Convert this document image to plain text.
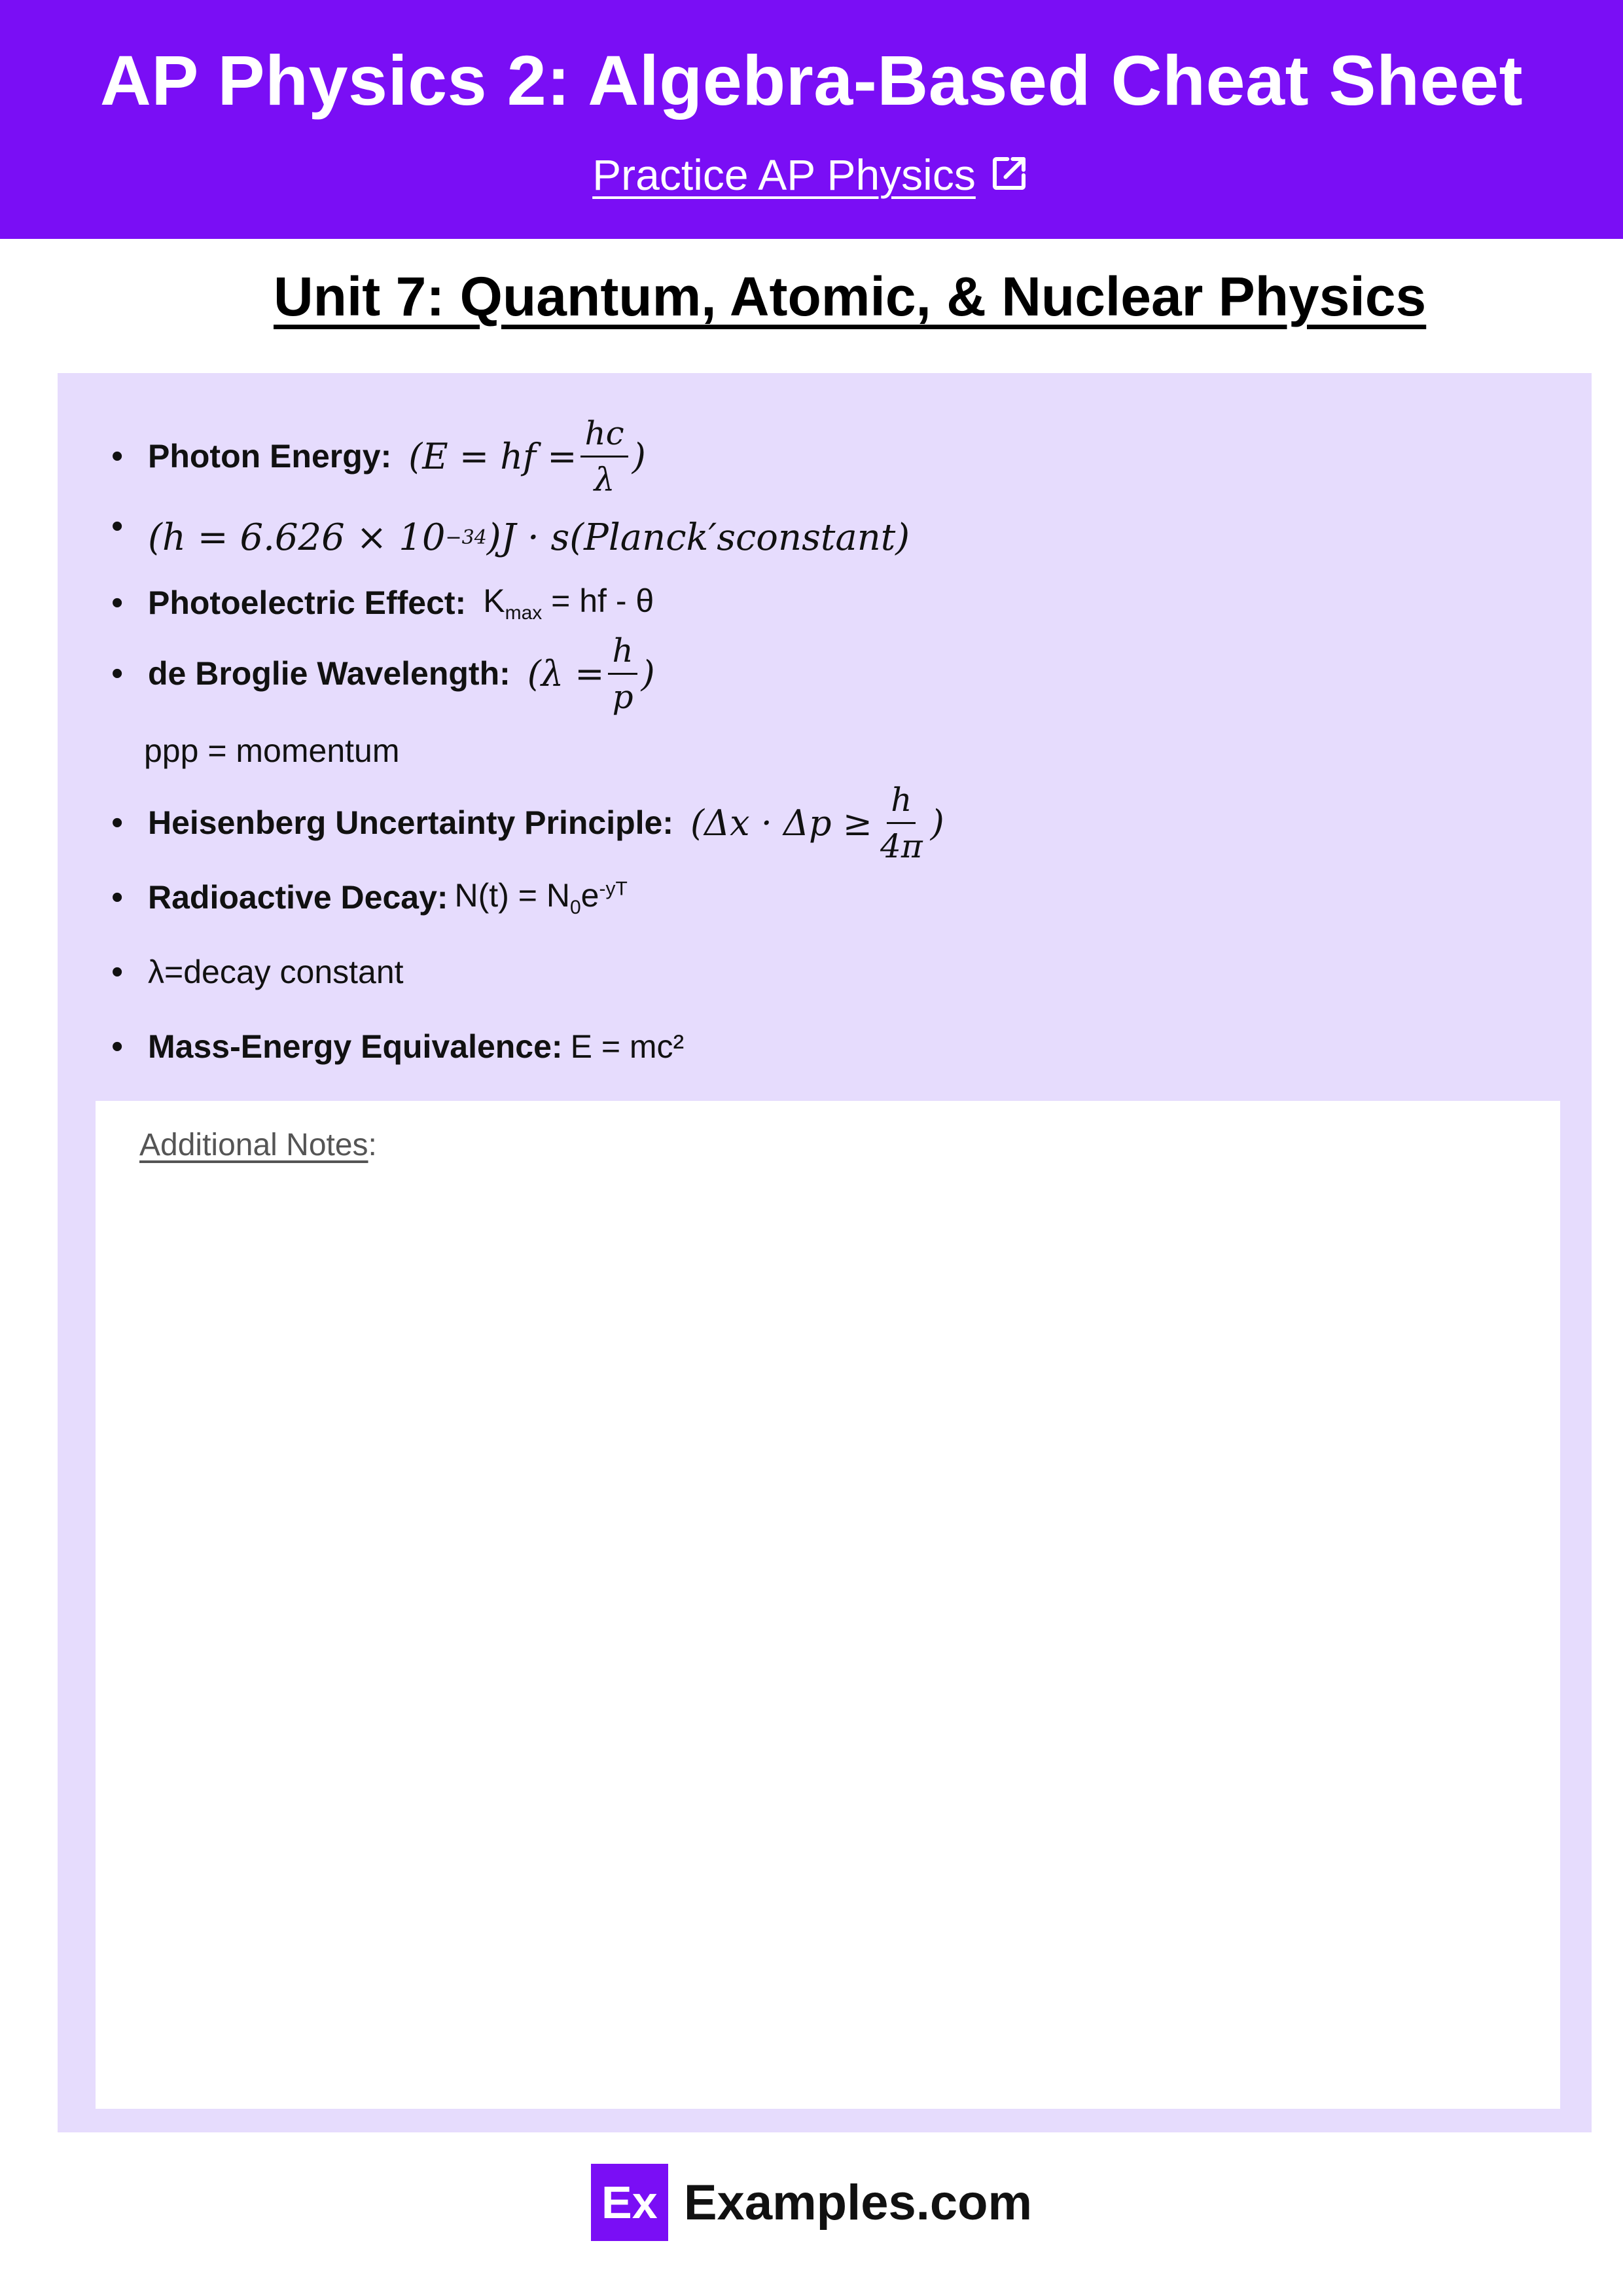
AP Physics 2: Algebra-Based Cheat Sheet
Practice AP Physics
Unit 7: Quantum, Atomic, & Nuclear Physics
• Photon Energy: (E = hf = $\frac{hc}{\lambda}$ )
• (h = 6.626 × 10 −34 )J · s(Planck′sconstant)
• Photoelectric Effect: $K_{max}$ = hf - θ
• de Broglie Wavelength: ($\lambda = \frac{h}{p}$ )
ppp = momentum
• Heisenberg Uncertainty Principle: ($\Delta x \cdot \Delta p \ge \frac{h}{4\pi}$ )
• Radioactive Decay: $N(t) = N_0e^{-yT}$
• λ=decay constant
• Mass-Energy Equivalence: E = mc²
Additional Notes:
Ex Examples.com
